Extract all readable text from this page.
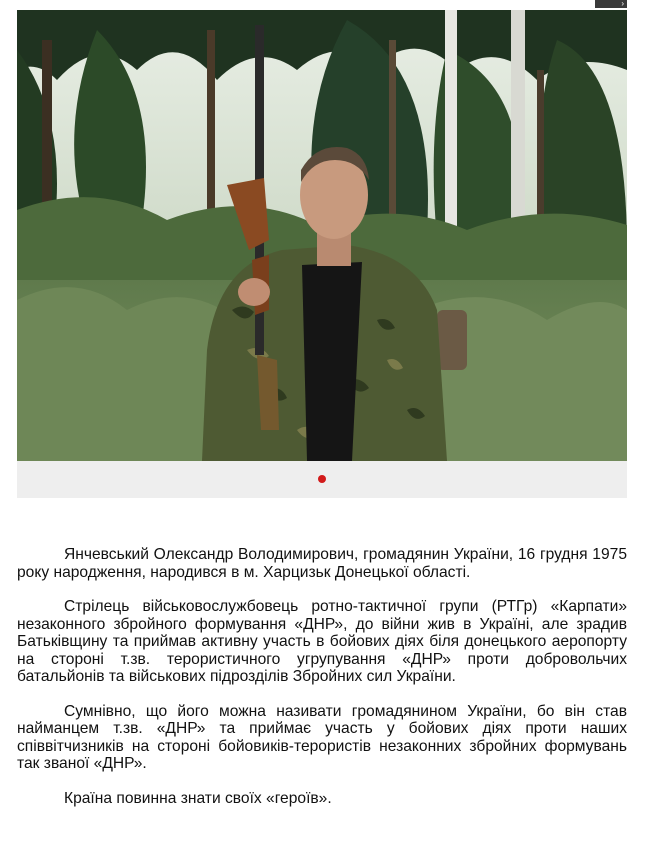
›

Янчевський Олександр Володимирович, громадянин України, 16 грудня 1975 року народження, народився в м. Харцизьк Донецької області.

Стрілець військовослужбовець ротно-тактичної групи (РТГр) «Карпати» незаконного збройного формування «ДНР», до війни жив в Україні, але зрадив Батьківщину та приймав активну участь в бойових діях біля донецького аеропорту на стороні т.зв. терористичного угрупування «ДНР» проти добровольчих батальйонів та військових підрозділів Збройних сил України.

Сумнівно, що його можна називати громадянином України, бо він став найманцем т.зв. «ДНР» та приймає участь у бойових діях проти наших співвітчизників на стороні бойовиків-терористів незаконних збройних формувань так званої «ДНР».

Країна повинна знати своїх «героїв».
